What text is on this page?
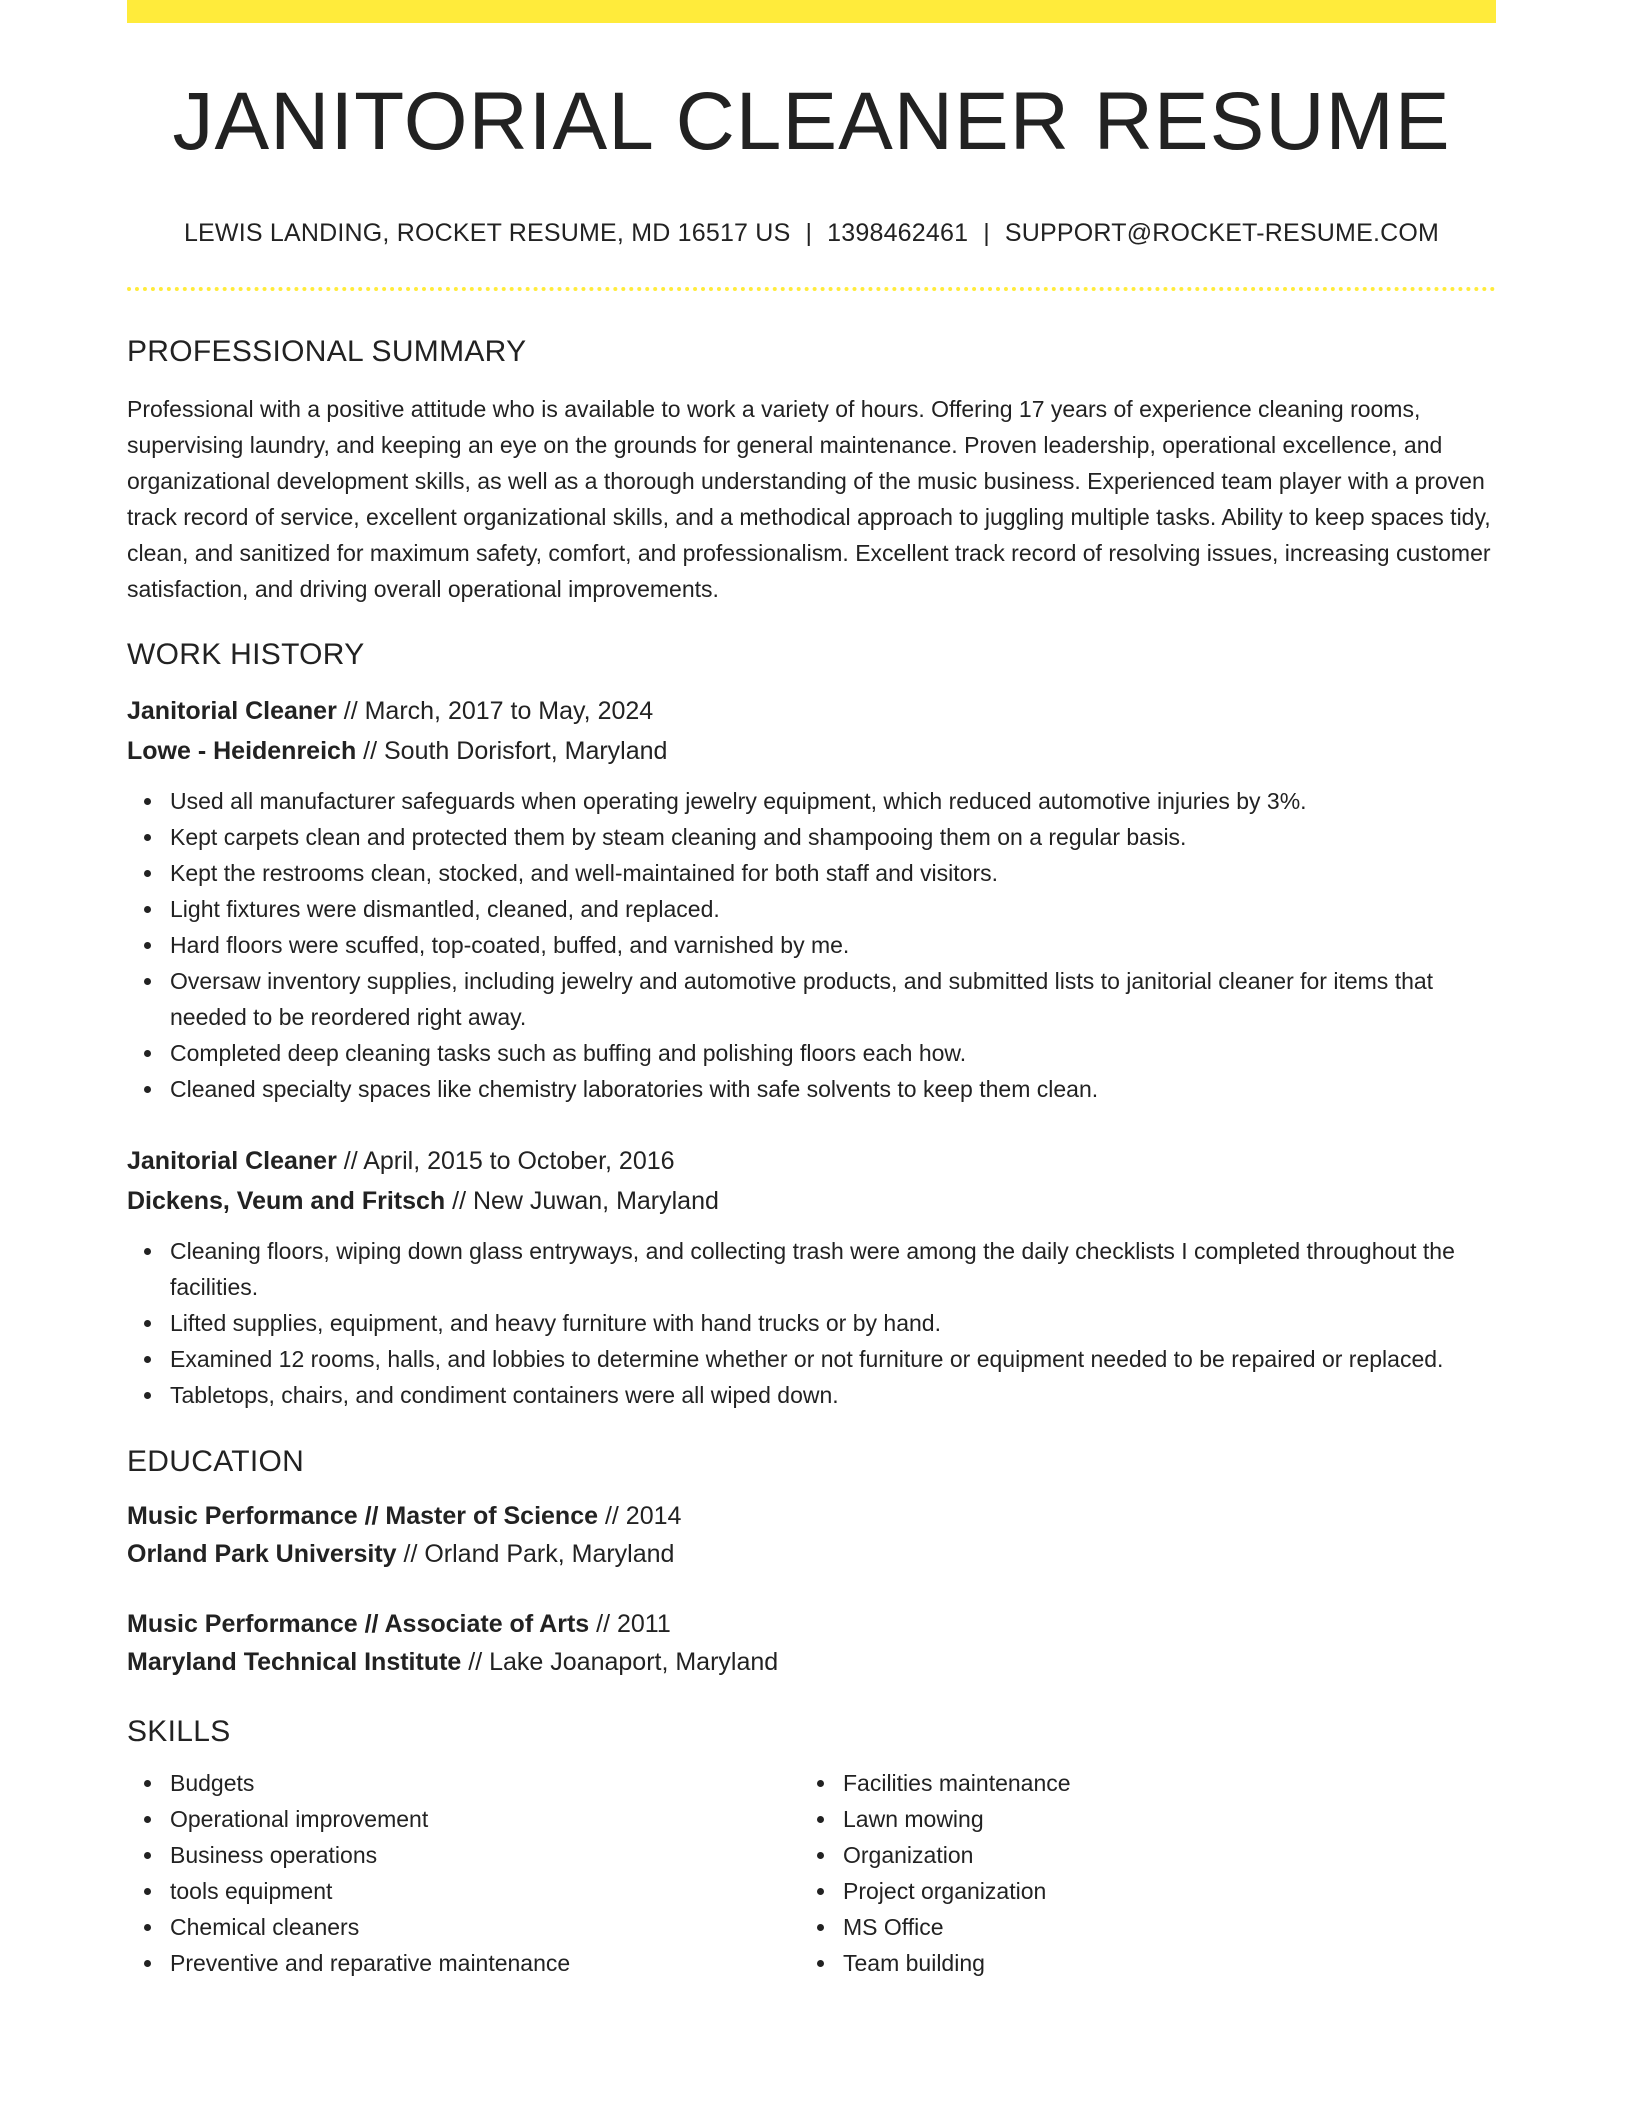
JANITORIAL CLEANER RESUME
LEWIS LANDING, ROCKET RESUME, MD 16517 US | 1398462461 | SUPPORT@ROCKET-RESUME.COM
PROFESSIONAL SUMMARY

Professional with a positive attitude who is available to work a variety of hours. Offering 17 years of experience cleaning rooms, supervising laundry, and keeping an eye on the grounds for general maintenance. Proven leadership, operational excellence, and organizational development skills, as well as a thorough understanding of the music business. Experienced team player with a proven track record of service, excellent organizational skills, and a methodical approach to juggling multiple tasks. Ability to keep spaces tidy, clean, and sanitized for maximum safety, comfort, and professionalism. Excellent track record of resolving issues, increasing customer satisfaction, and driving overall operational improvements.

WORK HISTORY
Janitorial Cleaner // March, 2017 to May, 2024
Lowe - Heidenreich // South Dorisfort, Maryland
Used all manufacturer safeguards when operating jewelry equipment, which reduced automotive injuries by 3%.
Kept carpets clean and protected them by steam cleaning and shampooing them on a regular basis.
Kept the restrooms clean, stocked, and well-maintained for both staff and visitors.
Light fixtures were dismantled, cleaned, and replaced.
Hard floors were scuffed, top-coated, buffed, and varnished by me.
Oversaw inventory supplies, including jewelry and automotive products, and submitted lists to janitorial cleaner for items that needed to be reordered right away.
Completed deep cleaning tasks such as buffing and polishing floors each how.
Cleaned specialty spaces like chemistry laboratories with safe solvents to keep them clean.
Janitorial Cleaner // April, 2015 to October, 2016
Dickens, Veum and Fritsch // New Juwan, Maryland
Cleaning floors, wiping down glass entryways, and collecting trash were among the daily checklists I completed throughout the facilities.
Lifted supplies, equipment, and heavy furniture with hand trucks or by hand.
Examined 12 rooms, halls, and lobbies to determine whether or not furniture or equipment needed to be repaired or replaced.
Tabletops, chairs, and condiment containers were all wiped down.
EDUCATION
Music Performance // Master of Science // 2014
Orland Park University // Orland Park, Maryland
Music Performance // Associate of Arts // 2011
Maryland Technical Institute // Lake Joanaport, Maryland
SKILLS
Budgets
Operational improvement
Business operations
tools equipment
Chemical cleaners
Preventive and reparative maintenance
Facilities maintenance
Lawn mowing
Organization
Project organization
MS Office
Team building
